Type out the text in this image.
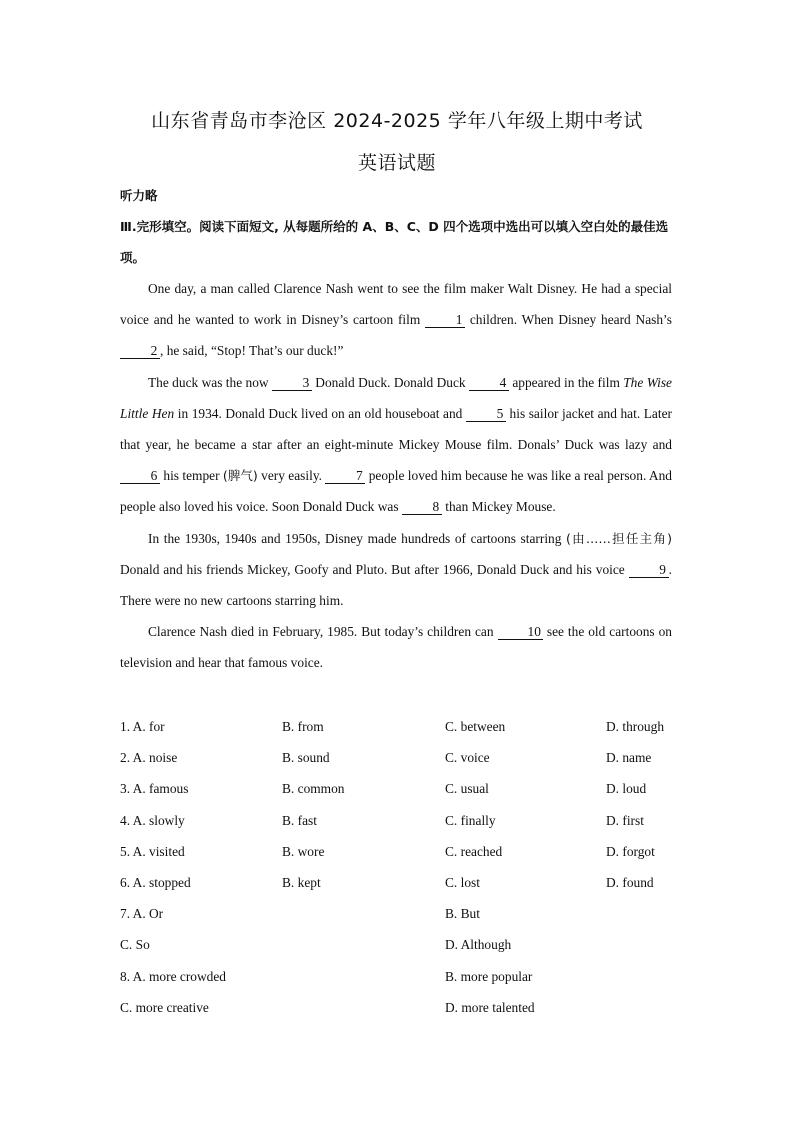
山东省青岛市李沧区 2024-2025 学年八年级上期中考试
英语试题
听力略
Ⅲ.完形填空。阅读下面短文, 从每题所给的 A、B、C、D 四个选项中选出可以填入空白处的最佳选项。

One day, a man called Clarence Nash went to see the film maker Walt Disney. He had a special voice and he wanted to work in Disney’s cartoon film 1 children. When Disney heard Nash’s 2 , he said, “Stop! That’s our duck!”

The duck was the now 3 Donald Duck. Donald Duck 4 appeared in the film The Wise Little Hen in 1934. Donald Duck lived on an old houseboat and 5 his sailor jacket and hat. Later that year, he became a star after an eight-minute Mickey Mouse film. Donals’ Duck was lazy and 6 his temper (脾气) very easily. 7 people loved him because he was like a real person. And people also loved his voice. Soon Donald Duck was 8 than Mickey Mouse.

In the 1930s, 1940s and 1950s, Disney made hundreds of cartoons starring (由……担任主角) Donald and his friends Mickey, Goofy and Pluto. But after 1966, Donald Duck and his voice 9 . There were no new cartoons starring him.

Clarence Nash died in February, 1985. But today’s children can 10 see the old cartoons on television and hear that famous voice.

1. A. for	B. from	C. between	D. through
2. A. noise	B. sound	C. voice	D. name
3. A. famous	B. common	C. usual	D. loud
4. A. slowly	B. fast	C. finally	D. first
5. A. visited	B. wore	C. reached	D. forgot
6. A. stopped	B. kept	C. lost	D. found
7. A. Or	B. But
C. So	D. Although
8. A. more crowded	B. more popular
C. more creative	D. more talented
